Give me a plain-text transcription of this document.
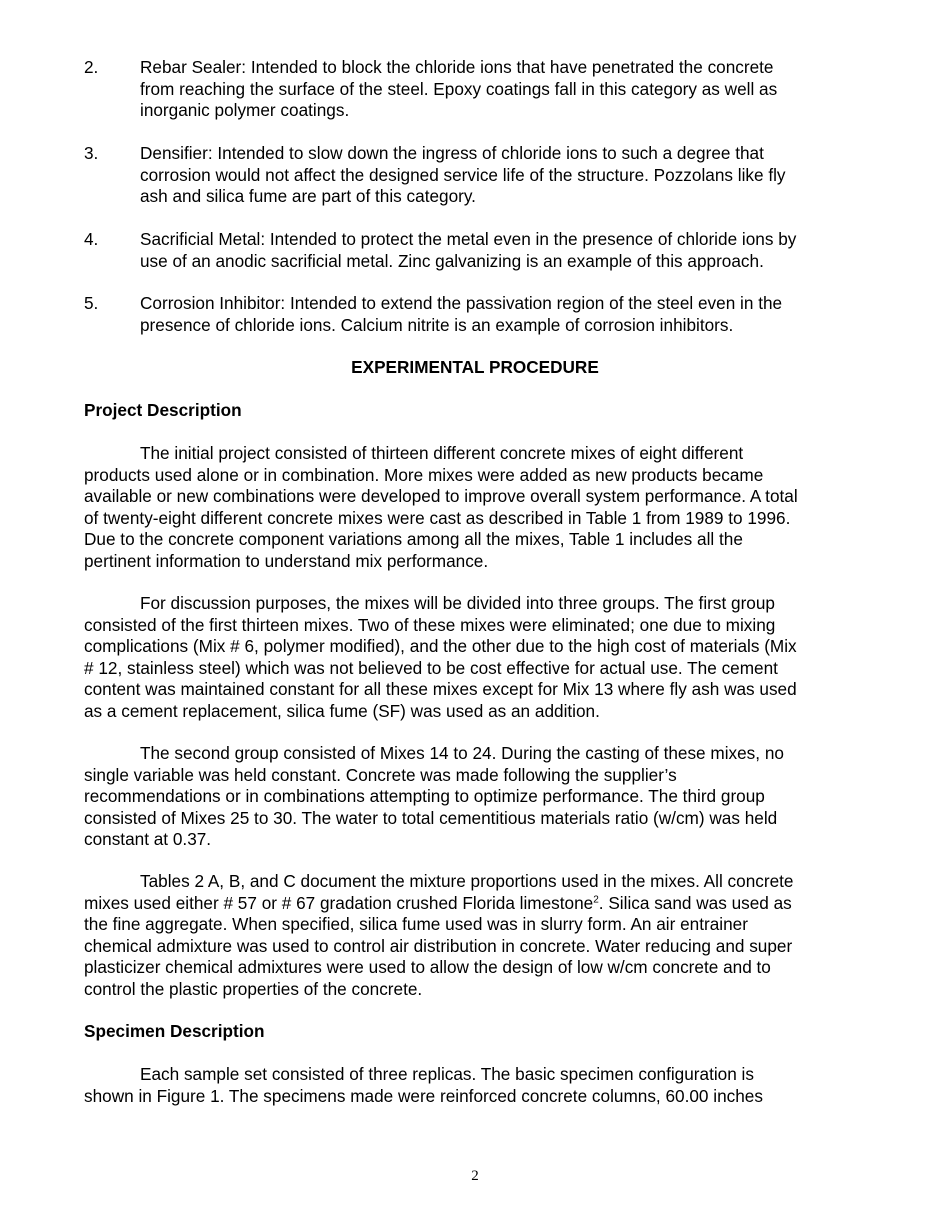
2.	Rebar Sealer: Intended to block the chloride ions that have penetrated the concrete
from reaching the surface of the steel. Epoxy coatings fall in this category as well as
inorganic polymer coatings.
3.	Densifier: Intended to slow down the ingress of chloride ions to such a degree that
corrosion would not affect the designed service life of the structure. Pozzolans like fly
ash and silica fume are part of this category.
4.	Sacrificial Metal: Intended to protect the metal even in the presence of chloride ions by
use of an anodic sacrificial metal. Zinc galvanizing is an example of this approach.
5.	Corrosion Inhibitor: Intended to extend the passivation region of the steel even in the
presence of chloride ions. Calcium nitrite is an example of corrosion inhibitors.
EXPERIMENTAL PROCEDURE
Project Description
The initial project consisted of thirteen different concrete mixes of eight different
products used alone or in combination. More mixes were added as new products became
available or new combinations were developed to improve overall system performance. A total
of twenty-eight different concrete mixes were cast as described in Table 1 from 1989 to 1996.
Due to the concrete component variations among all the mixes, Table 1 includes all the
pertinent information to understand mix performance.
For discussion purposes, the mixes will be divided into three groups. The first group
consisted of the first thirteen mixes. Two of these mixes were eliminated; one due to mixing
complications (Mix # 6, polymer modified), and the other due to the high cost of materials (Mix
# 12, stainless steel) which was not believed to be cost effective for actual use. The cement
content was maintained constant for all these mixes except for Mix 13 where fly ash was used
as a cement replacement, silica fume (SF) was used as an addition.
The second group consisted of Mixes 14 to 24. During the casting of these mixes, no
single variable was held constant. Concrete was made following the supplier’s
recommendations or in combinations attempting to optimize performance. The third group
consisted of Mixes 25 to 30. The water to total cementitious materials ratio (w/cm) was held
constant at 0.37.
Tables 2 A, B, and C document the mixture proportions used in the mixes. All concrete
mixes used either # 57 or # 67 gradation crushed Florida limestone$^2$. Silica sand was used as
the fine aggregate. When specified, silica fume used was in slurry form. An air entrainer
chemical admixture was used to control air distribution in concrete. Water reducing and super
plasticizer chemical admixtures were used to allow the design of low w/cm concrete and to
control the plastic properties of the concrete.
Specimen Description
Each sample set consisted of three replicas. The basic specimen configuration is
shown in Figure 1. The specimens made were reinforced concrete columns, 60.00 inches
2
